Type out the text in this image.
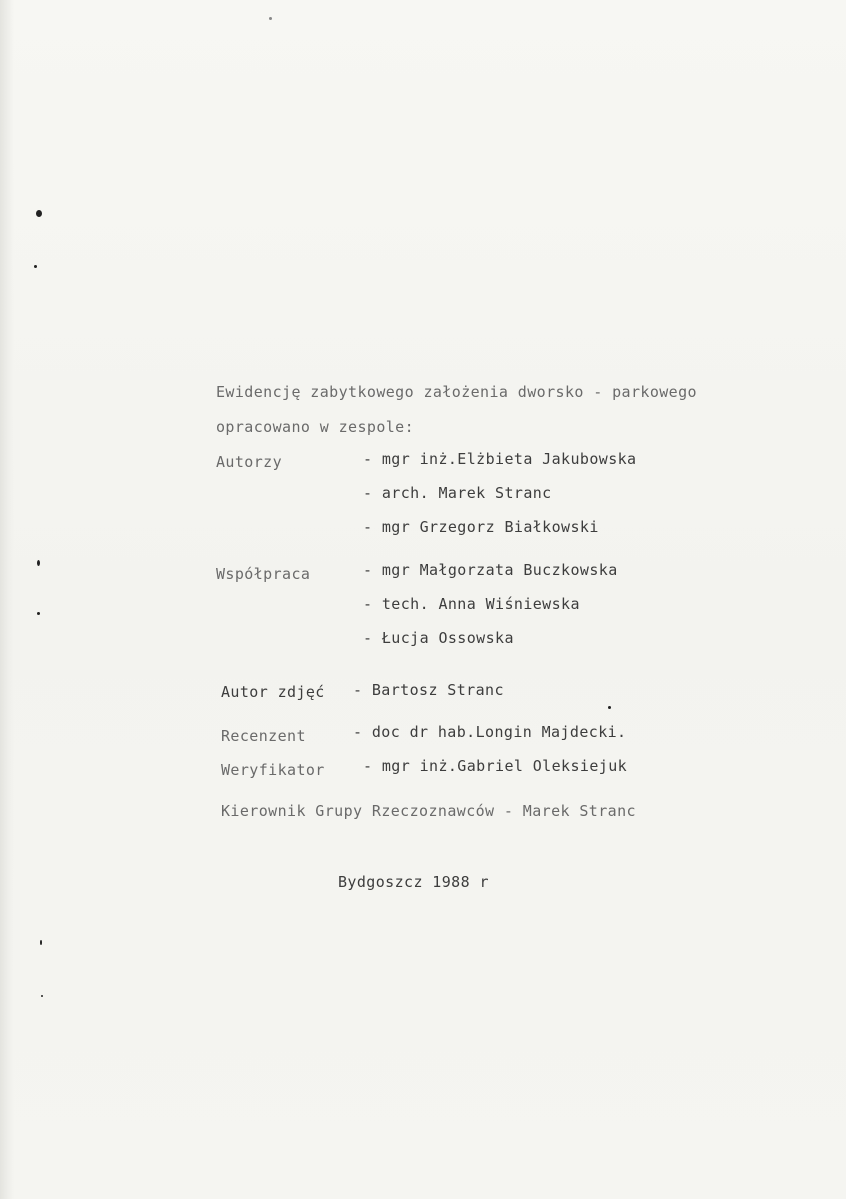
Ewidencję zabytkowego założenia dworsko - parkowego
opracowano w zespole:
Autorzy	- mgr inż.Elżbieta Jakubowska
- arch. Marek Stranc
- mgr Grzegorz Białkowski
Współpraca	- mgr Małgorzata Buczkowska
- tech. Anna Wiśniewska
- Łucja Ossowska
Autor zdjęć - Bartosz Stranc
Recenzent	- doc dr hab.Longin Majdecki.
Weryfikator	- mgr inż.Gabriel Oleksiejuk
Kierownik Grupy Rzeczoznawców - Marek Stranc
Bydgoszcz 1988 r
